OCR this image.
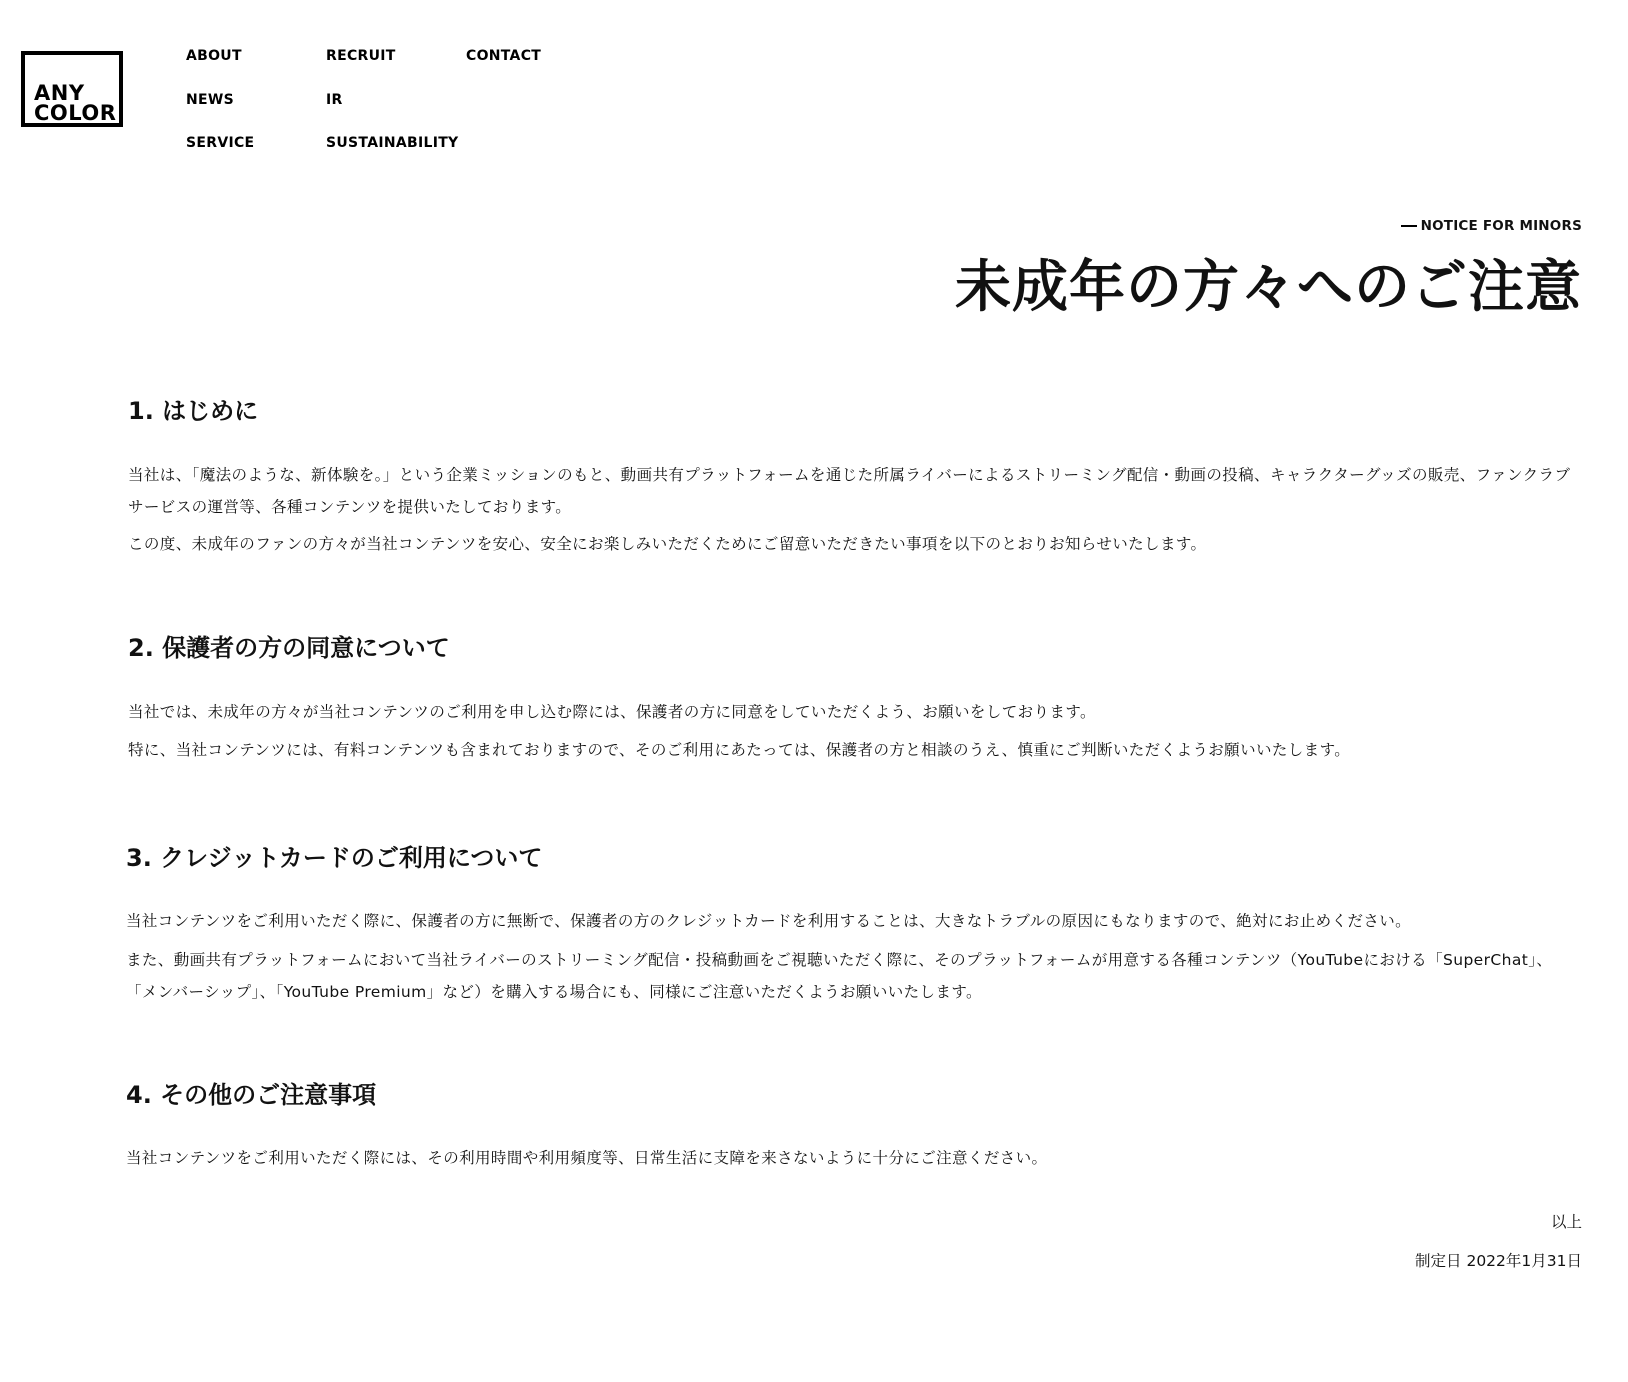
ANY
COLOR
ABOUT	RECRUIT	CONTACT
NEWS	IR
SERVICE	SUSTAINABILITY
NOTICE FOR MINORS
未成年の方々へのご注意
1. はじめに

当社は、「魔法のような、新体験を。」という企業ミッションのもと、動画共有プラットフォームを通じた所属ライバーによるストリーミング配信・動画の投稿、キャラクターグッズの販売、ファンクラブサービスの運営等、各種コンテンツを提供いたしております。

この度、未成年のファンの方々が当社コンテンツを安心、安全にお楽しみいただくためにご留意いただきたい事項を以下のとおりお知らせいたします。

2. 保護者の方の同意について

当社では、未成年の方々が当社コンテンツのご利用を申し込む際には、保護者の方に同意をしていただくよう、お願いをしております。

特に、当社コンテンツには、有料コンテンツも含まれておりますので、そのご利用にあたっては、保護者の方と相談のうえ、慎重にご判断いただくようお願いいたします。

3. クレジットカードのご利用について

当社コンテンツをご利用いただく際に、保護者の方に無断で、保護者の方のクレジットカードを利用することは、大きなトラブルの原因にもなりますので、絶対にお止めください。

また、動画共有プラットフォームにおいて当社ライバーのストリーミング配信・投稿動画をご視聴いただく際に、そのプラットフォームが用意する各種コンテンツ（YouTubeにおける「SuperChat」、「メンバーシップ」、「YouTube Premium」など）を購入する場合にも、同様にご注意いただくようお願いいたします。

4. その他のご注意事項

当社コンテンツをご利用いただく際には、その利用時間や利用頻度等、日常生活に支障を来さないように十分にご注意ください。

以上
制定日 2022年1月31日
